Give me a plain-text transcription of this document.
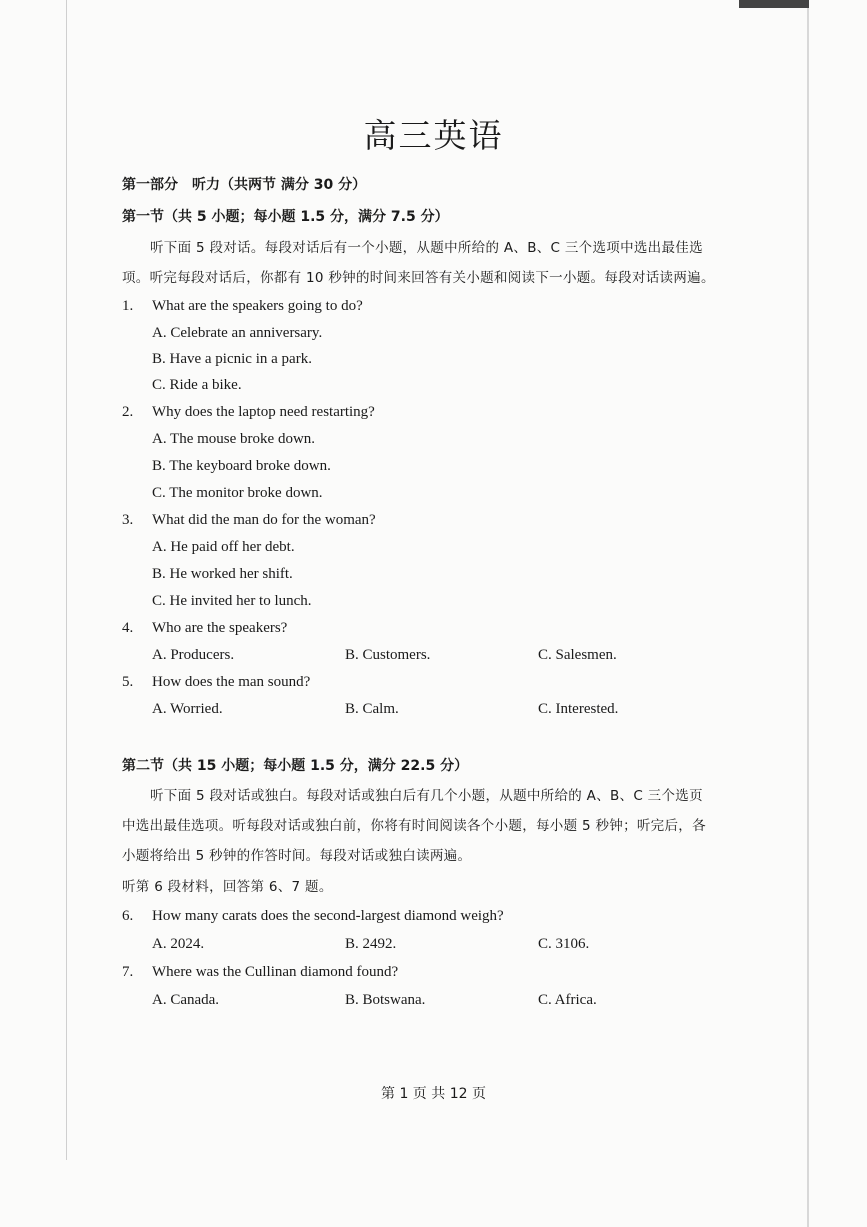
高三英语

第一部分　听力（共两节 满分 30 分）

第一节（共 5 小题；每小题 1.5 分，满分 7.5 分）

听下面 5 段对话。每段对话后有一个小题，从题中所给的 A、B、C 三个选项中选出最佳选

项。听完每段对话后，你都有 10 秒钟的时间来回答有关小题和阅读下一小题。每段对话读两遍。

1.	What are the speakers going to do?
A. Celebrate an anniversary.
B. Have a picnic in a park.
C. Ride a bike.
2.	Why does the laptop need restarting?
A. The mouse broke down.
B. The keyboard broke down.
C. The monitor broke down.
3.	What did the man do for the woman?
A. He paid off her debt.
B. He worked her shift.
C. He invited her to lunch.
4.	Who are the speakers?
A. Producers.	B. Customers.	C. Salesmen.
5.	How does the man sound?
A. Worried.	B. Calm.	C. Interested.

第二节（共 15 小题；每小题 1.5 分，满分 22.5 分）

听下面 5 段对话或独白。每段对话或独白后有几个小题，从题中所给的 A、B、C 三个选页

中选出最佳选项。听每段对话或独白前，你将有时间阅读各个小题，每小题 5 秒钟；听完后，各

小题将给出 5 秒钟的作答时间。每段对话或独白读两遍。

听第 6 段材料，回答第 6、7 题。

6.	How many carats does the second-largest diamond weigh?
A. 2024.	B. 2492.	C. 3106.
7.	Where was the Cullinan diamond found?
A. Canada.	B. Botswana.	C. Africa.
第 1 页 共 12 页
